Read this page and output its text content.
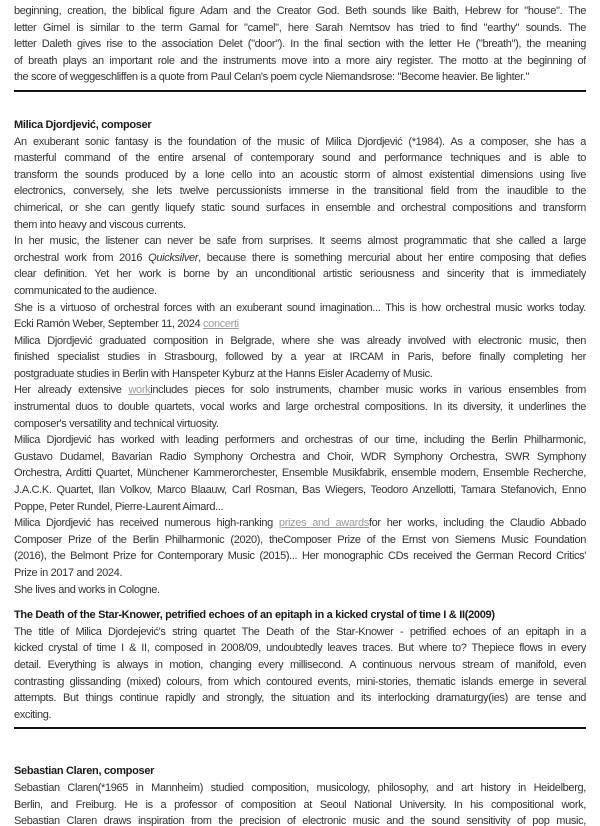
beginning, creation, the biblical figure Adam and the Creator God. Beth sounds like Baith, Hebrew for "house". The
letter Gimel is similar to the term Gamal for "camel", here Sarah Nemtsov has tried to find "earthy" sounds. The
letter Daleth gives rise to the association Delet ("door"). In the final section with the letter He ("breath"), the meaning
of breath plays an important role and the instruments move into a more airy register. The motto at the beginning of
the score of weggeschliffen is a quote from Paul Celan's poem cycle Niemandsrose: "Become heavier. Be lighter."
Milica Djordjević, composer
An exuberant sonic fantasy is the foundation of the music of Milica Djordjević (*1984). As a composer, she has a
masterful command of the entire arsenal of contemporary sound and performance techniques and is able to
transform the sounds produced by a lone cello into an acoustic storm of almost existential dimensions using live
electronics, conversely, she lets twelve percussionists immerse in the transitional field from the inaudible to the
chimerical, or she can gently liquefy static sound surfaces in ensemble and orchestral compositions and transform
them into heavy and viscous currents.
In her music, the listener can never be safe from surprises. It seems almost programmatic that she called a large
orchestral work from 2016 Quicksilver, because there is something mercurial about her entire composing that defies
clear definition. Yet her work is borne by an unconditional artistic seriousness and sincerity that is immediately
communicated to the audience.
She is a virtuoso of orchestral forces with an exuberant sound imagination... This is how orchestral music works today.
Ecki Ramón Weber, September 11, 2024 concerti
Milica Djordjević graduated composition in Belgrade, where she was already involved with electronic music, then
finished specialist studies in Strasbourg, followed by a year at IRCAM in Paris, before finally completing her
postgraduate studies in Berlin with Hanspeter Kyburz at the Hanns Eisler Academy of Music.
Her already extensive workincludes pieces for solo instruments, chamber music works in various ensembles from
instrumental duos to double quartets, vocal works and large orchestral compositions. In its diversity, it underlines the
composer's versatility and technical virtuosity.
Milica Djordjević has worked with leading performers and orchestras of our time, including the Berlin Philharmonic,
Gustavo Dudamel, Bavarian Radio Symphony Orchestra and Choir, WDR Symphony Orchestra, SWR Symphony
Orchestra, Arditti Quartet, Münchener Kammerorchester, Ensemble Musikfabrik, ensemble modern, Ensemble Recherche,
J.A.C.K. Quartet, Ilan Volkov, Marco Blaauw, Carl Rosman, Bas Wiegers, Teodoro Anzellotti, Tamara Stefanovich, Enno
Poppe, Peter Rundel, Pierre-Laurent Aimard...
Milica Djordjević has received numerous high-ranking prizes and awardsfor her works, including the Claudio Abbado
Composer Prize of the Berlin Philharmonic (2020), theComposer Prize of the Ernst von Siemens Music Foundation
(2016), the Belmont Prize for Contemporary Music (2015)... Her monographic CDs received the German Record Critics'
Prize in 2017 and 2024.
She lives and works in Cologne.
The Death of the Star-Knower, petrified echoes of an epitaph in a kicked crystal of time I & II(2009)
The title of Milica Djordejević's string quartet The Death of the Star-Knower - petrified echoes of an epitaph in a
kicked crystal of time I & II, composed in 2008/09, undoubtedly leaves traces. But where to? Thepiece flows in every
detail. Everything is always in motion, changing every millisecond. A continuous nervous stream of manifold, even
contrasting glissanding (mixed) colours, from which contoured events, mini-stories, thematic islands emerge in several
attempts. But things continue rapidly and strongly, the situation and its interlocking dramaturgy(ies) are tense and
exciting.
Sebastian Claren, composer
Sebastian Claren(*1965 in Mannheim) studied composition, musicology, philosophy, and art history in Heidelberg,
Berlin, and Freiburg. He is a professor of composition at Seoul National University. In his compositional work,
Sebastian Claren draws inspiration from the precision of electronic music and the sound sensitivity of pop music,
